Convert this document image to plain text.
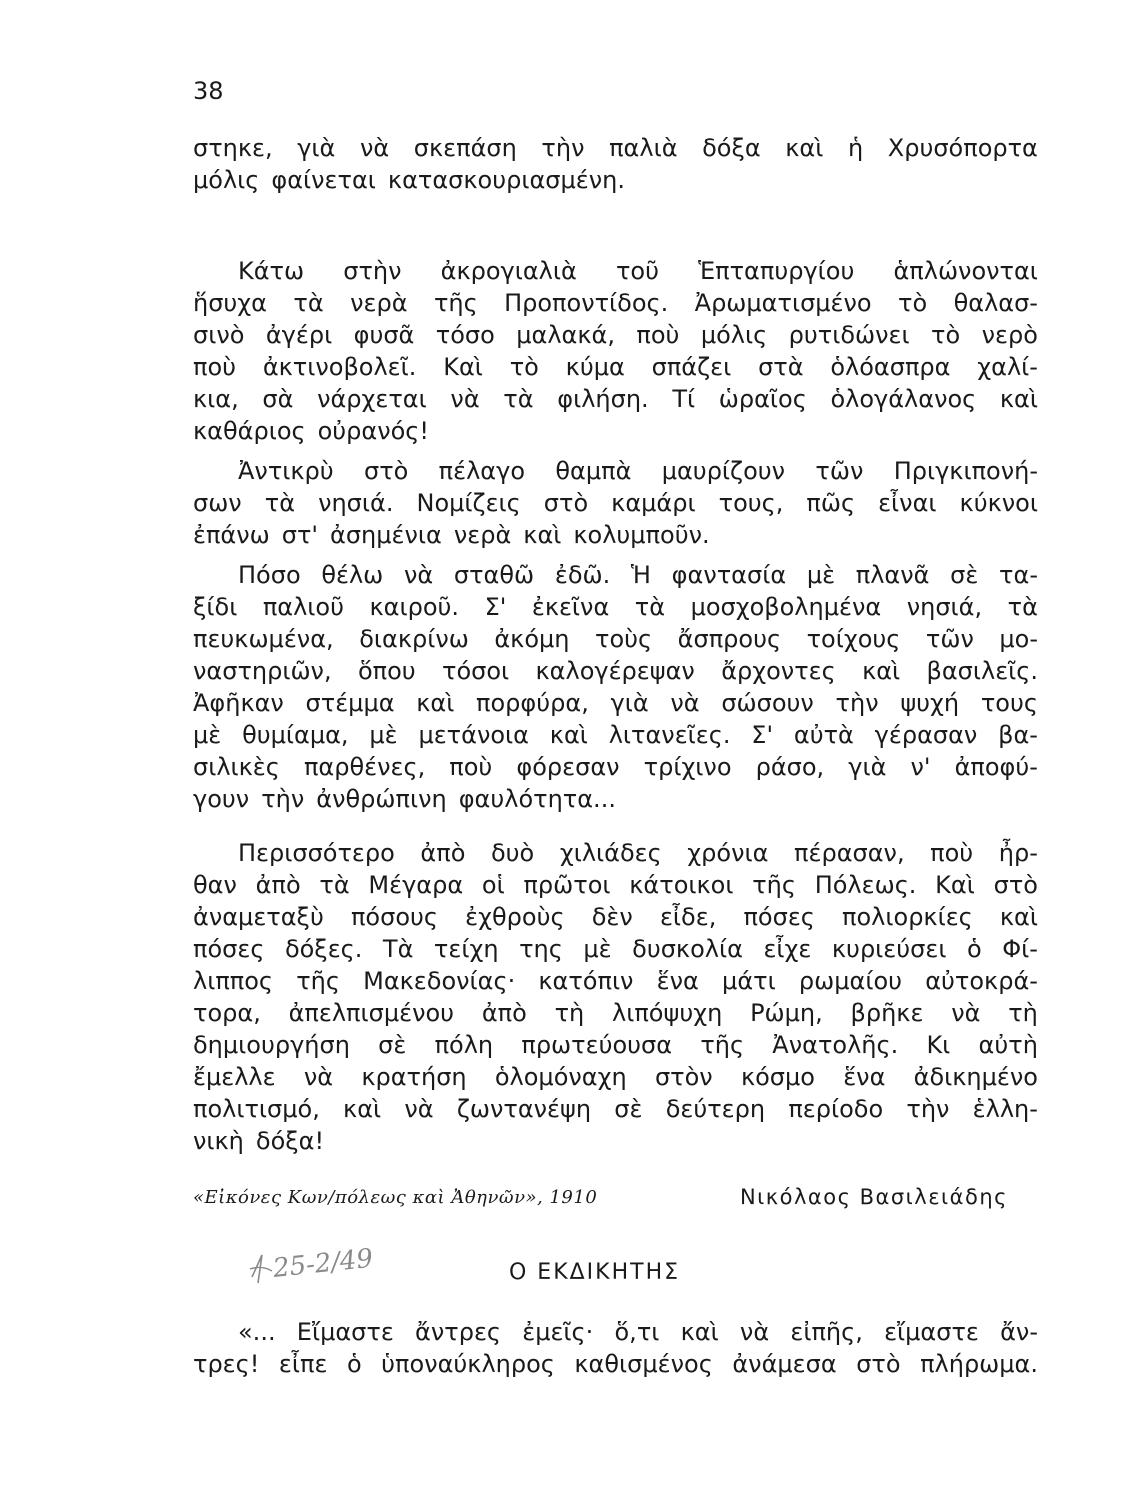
38
στηκε, γιὰ νὰ σκεπάση τὴν παλιὰ δόξα καὶ ἡ Χρυσόπορτα
μόλις φαίνεται κατασκουριασμένη.
Κάτω στὴν ἀκρογιαλιὰ τοῦ Ἑπταπυργίου ἁπλώνονται
ἥσυχα τὰ νερὰ τῆς Προποντίδος. Ἀρωματισμένο τὸ θαλασ-
σινὸ ἀγέρι φυσᾶ τόσο μαλακά, ποὺ μόλις ρυτιδώνει τὸ νερὸ
ποὺ ἀκτινοβολεῖ. Καὶ τὸ κύμα σπάζει στὰ ὁλόασπρα χαλί-
κια, σὰ νάρχεται νὰ τὰ φιλήση. Τί ὡραῖος ὁλογάλανος καὶ
καθάριος οὐρανός!
Ἀντικρὺ στὸ πέλαγο θαμπὰ μαυρίζουν τῶν Πριγκιπονή-
σων τὰ νησιά. Νομίζεις στὸ καμάρι τους, πῶς εἶναι κύκνοι
ἐπάνω στ' ἀσημένια νερὰ καὶ κολυμποῦν.
Πόσο θέλω νὰ σταθῶ ἐδῶ. Ἡ φαντασία μὲ πλανᾶ σὲ τα-
ξίδι παλιοῦ καιροῦ. Σ' ἐκεῖνα τὰ μοσχοβολημένα νησιά, τὰ
πευκωμένα, διακρίνω ἀκόμη τοὺς ἄσπρους τοίχους τῶν μο-
ναστηριῶν, ὅπου τόσοι καλογέρεψαν ἄρχοντες καὶ βασιλεῖς.
Ἀφῆκαν στέμμα καὶ πορφύρα, γιὰ νὰ σώσουν τὴν ψυχή τους
μὲ θυμίαμα, μὲ μετάνοια καὶ λιτανεῖες. Σ' αὐτὰ γέρασαν βα-
σιλικὲς παρθένες, ποὺ φόρεσαν τρίχινο ράσο, γιὰ ν' ἀποφύ-
γουν τὴν ἀνθρώπινη φαυλότητα...
Περισσότερο ἀπὸ δυὸ χιλιάδες χρόνια πέρασαν, ποὺ ἦρ-
θαν ἀπὸ τὰ Μέγαρα οἱ πρῶτοι κάτοικοι τῆς Πόλεως. Καὶ στὸ
ἀναμεταξὺ πόσους ἐχθροὺς δὲν εἶδε, πόσες πολιορκίες καὶ
πόσες δόξες. Τὰ τείχη της μὲ δυσκολία εἶχε κυριεύσει ὁ Φί-
λιππος τῆς Μακεδονίας· κατόπιν ἕνα μάτι ρωμαίου αὐτοκρά-
τορα, ἀπελπισμένου ἀπὸ τὴ λιπόψυχη Ρώμη, βρῆκε νὰ τὴ
δημιουργήση σὲ πόλη πρωτεύουσα τῆς Ἀνατολῆς. Κι αὐτὴ
ἔμελλε νὰ κρατήση ὁλομόναχη στὸν κόσμο ἕνα ἀδικημένο
πολιτισμό, καὶ νὰ ζωντανέψη σὲ δεύτερη περίοδο τὴν ἑλλη-
νικὴ δόξα!
«Εἰκόνες Κων/πόλεως καὶ Ἀθηνῶν», 1910	Νικόλαος Βασιλειάδης
25-2/49	Ο ΕΚΔΙΚΗΤΗΣ
«... Εἴμαστε ἄντρες ἐμεῖς· ὅ,τι καὶ νὰ εἰπῆς, εἴμαστε ἄν-
τρες! εἶπε ὁ ὑποναύκληρος καθισμένος ἀνάμεσα στὸ πλήρωμα.
